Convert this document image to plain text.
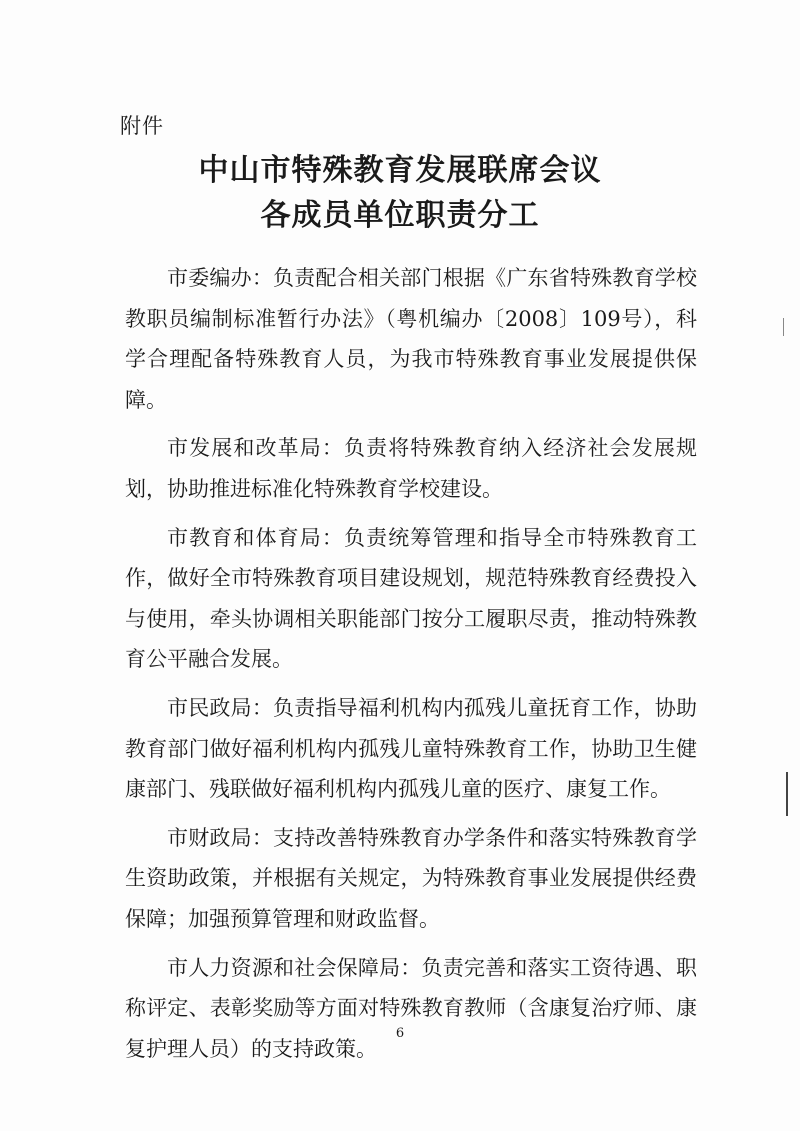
附件
中山市特殊教育发展联席会议
各成员单位职责分工

市委编办：负责配合相关部门根据《广东省特殊教育学校教职员编制标准暂行办法》（粤机编办〔2008〕109号），科学合理配备特殊教育人员，为我市特殊教育事业发展提供保障。

市发展和改革局：负责将特殊教育纳入经济社会发展规划，协助推进标准化特殊教育学校建设。

市教育和体育局：负责统筹管理和指导全市特殊教育工作，做好全市特殊教育项目建设规划，规范特殊教育经费投入与使用，牵头协调相关职能部门按分工履职尽责，推动特殊教育公平融合发展。

市民政局：负责指导福利机构内孤残儿童抚育工作，协助教育部门做好福利机构内孤残儿童特殊教育工作，协助卫生健康部门、残联做好福利机构内孤残儿童的医疗、康复工作。

市财政局：支持改善特殊教育办学条件和落实特殊教育学生资助政策，并根据有关规定，为特殊教育事业发展提供经费保障；加强预算管理和财政监督。

市人力资源和社会保障局：负责完善和落实工资待遇、职称评定、表彰奖励等方面对特殊教育教师（含康复治疗师、康复护理人员）的支持政策。

6
